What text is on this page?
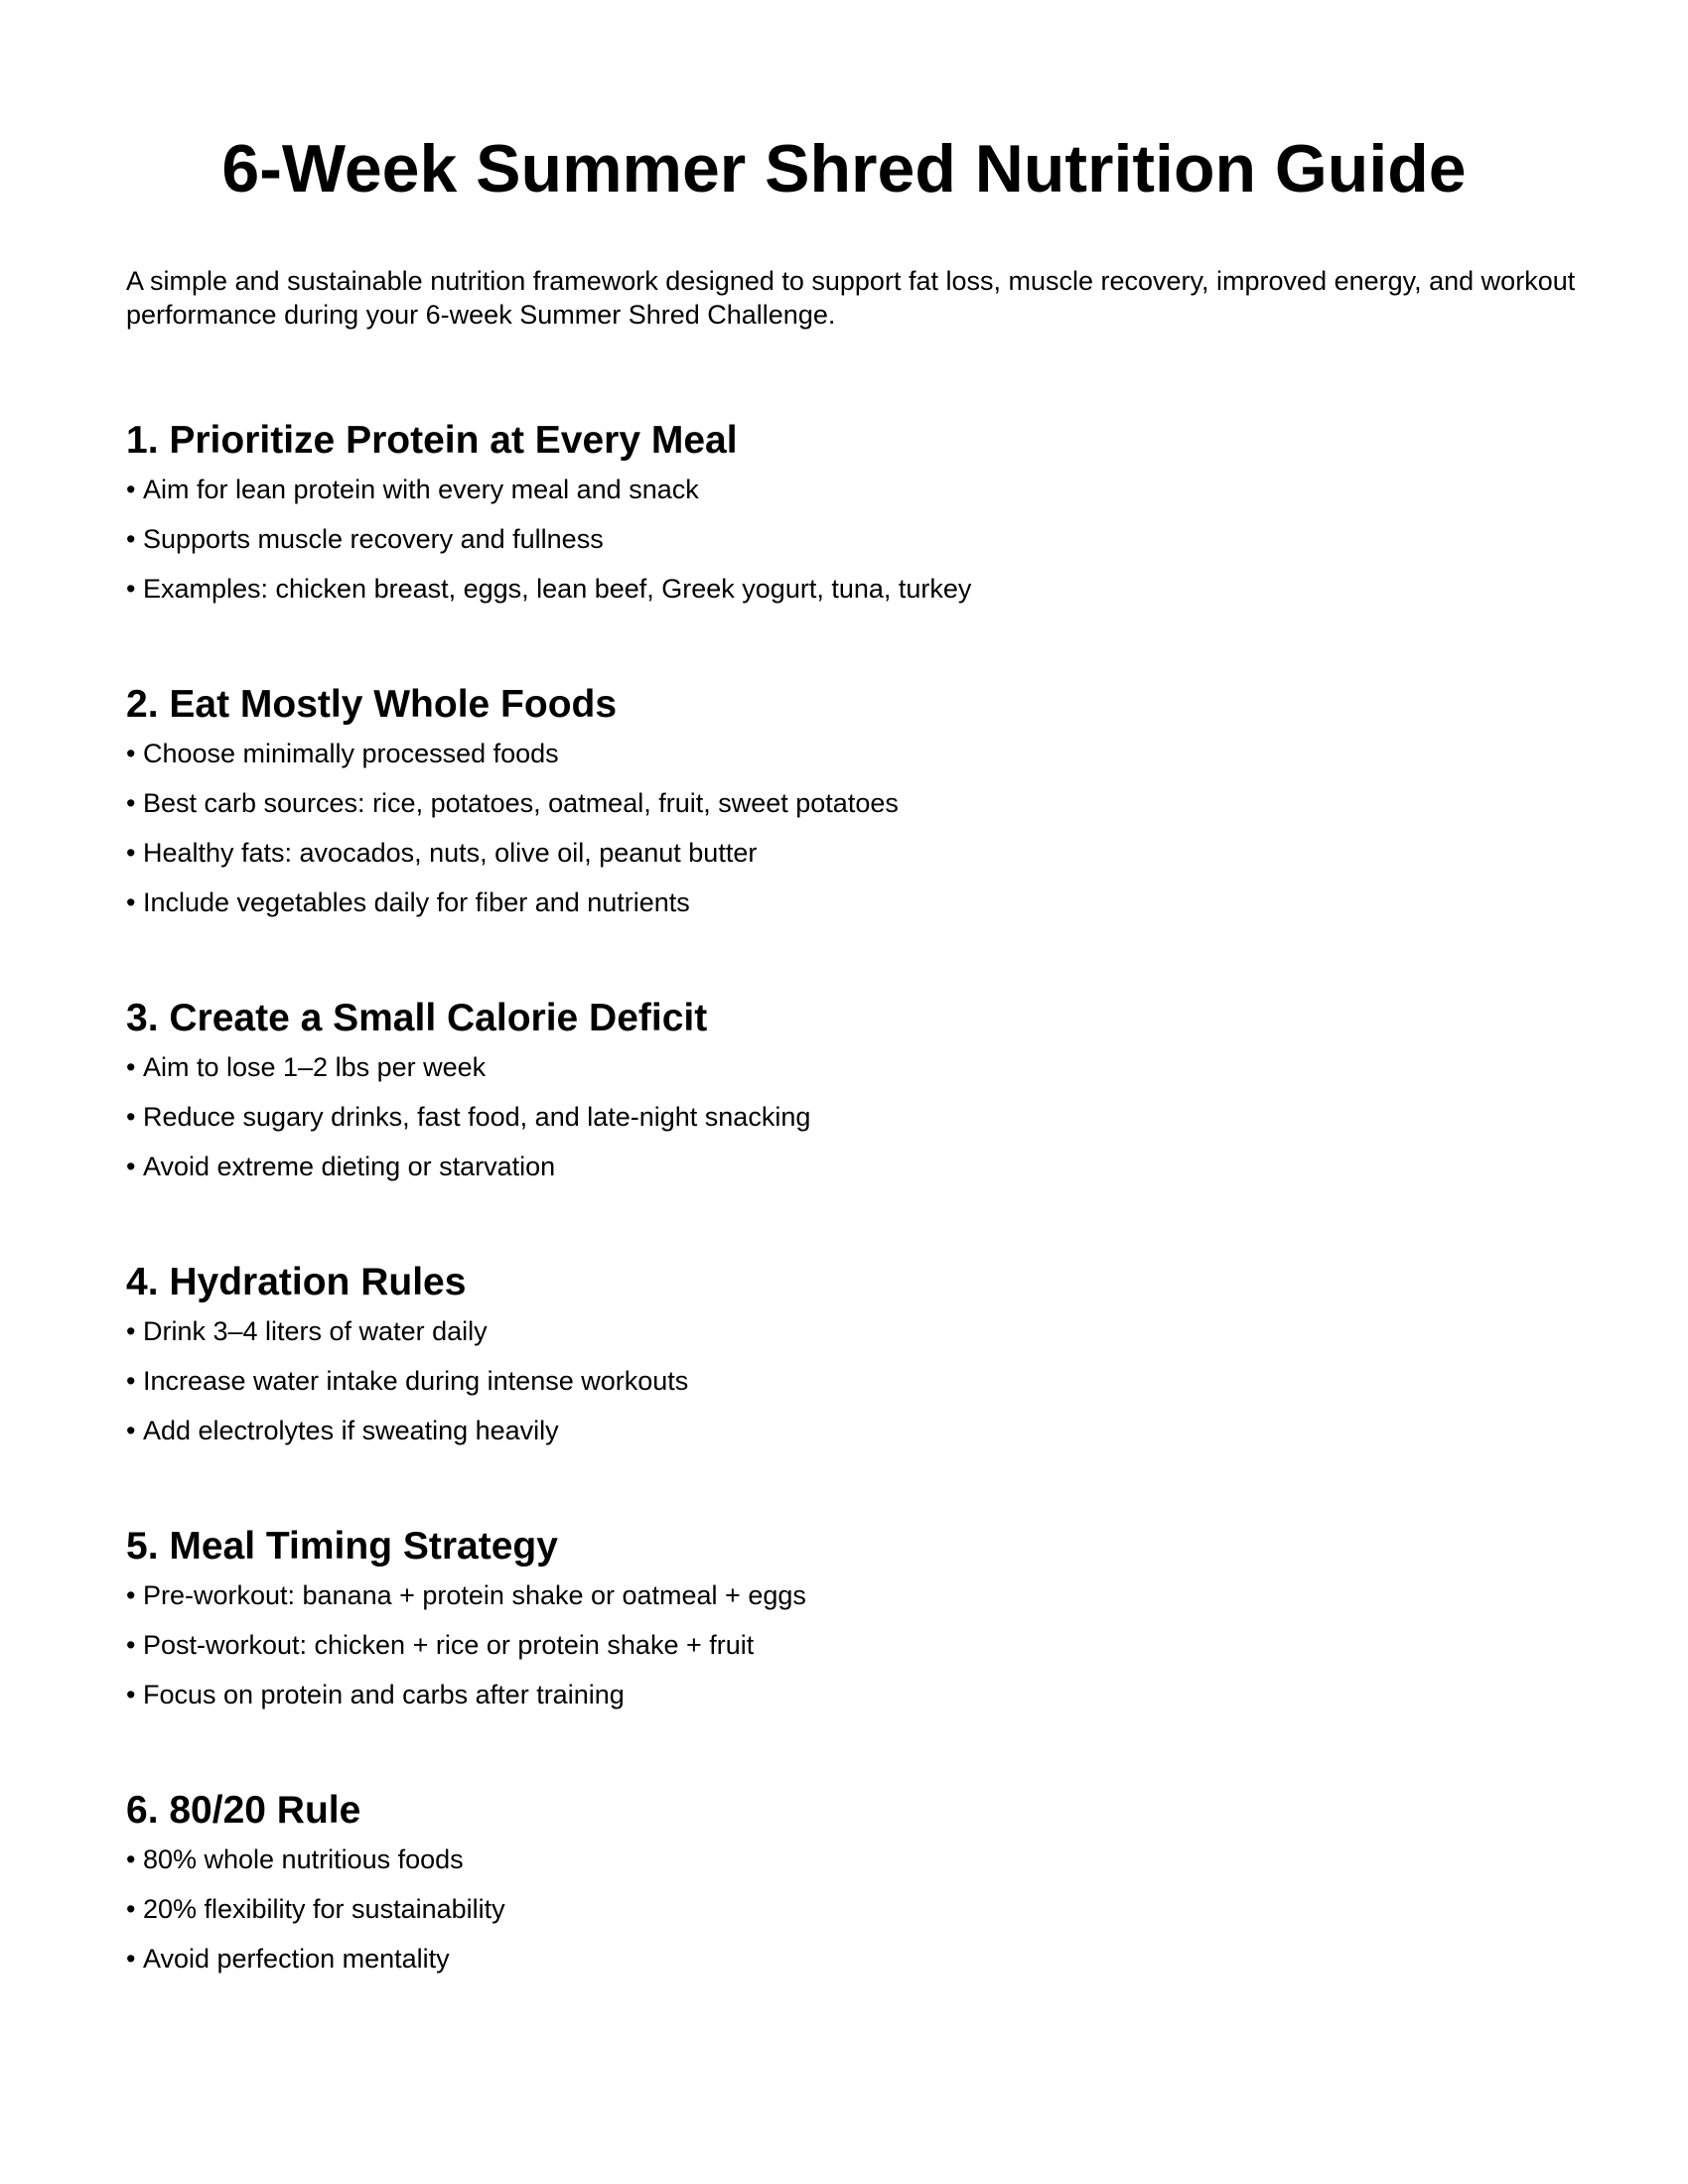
6-Week Summer Shred Nutrition Guide

A simple and sustainable nutrition framework designed to support fat loss, muscle recovery, improved energy, and workout performance during your 6-week Summer Shred Challenge.

1. Prioritize Protein at Every Meal
• Aim for lean protein with every meal and snack
• Supports muscle recovery and fullness
• Examples: chicken breast, eggs, lean beef, Greek yogurt, tuna, turkey
2. Eat Mostly Whole Foods
• Choose minimally processed foods
• Best carb sources: rice, potatoes, oatmeal, fruit, sweet potatoes
• Healthy fats: avocados, nuts, olive oil, peanut butter
• Include vegetables daily for fiber and nutrients
3. Create a Small Calorie Deficit
• Aim to lose 1–2 lbs per week
• Reduce sugary drinks, fast food, and late-night snacking
• Avoid extreme dieting or starvation
4. Hydration Rules
• Drink 3–4 liters of water daily
• Increase water intake during intense workouts
• Add electrolytes if sweating heavily
5. Meal Timing Strategy
• Pre-workout: banana + protein shake or oatmeal + eggs
• Post-workout: chicken + rice or protein shake + fruit
• Focus on protein and carbs after training
6. 80/20 Rule
• 80% whole nutritious foods
• 20% flexibility for sustainability
• Avoid perfection mentality
